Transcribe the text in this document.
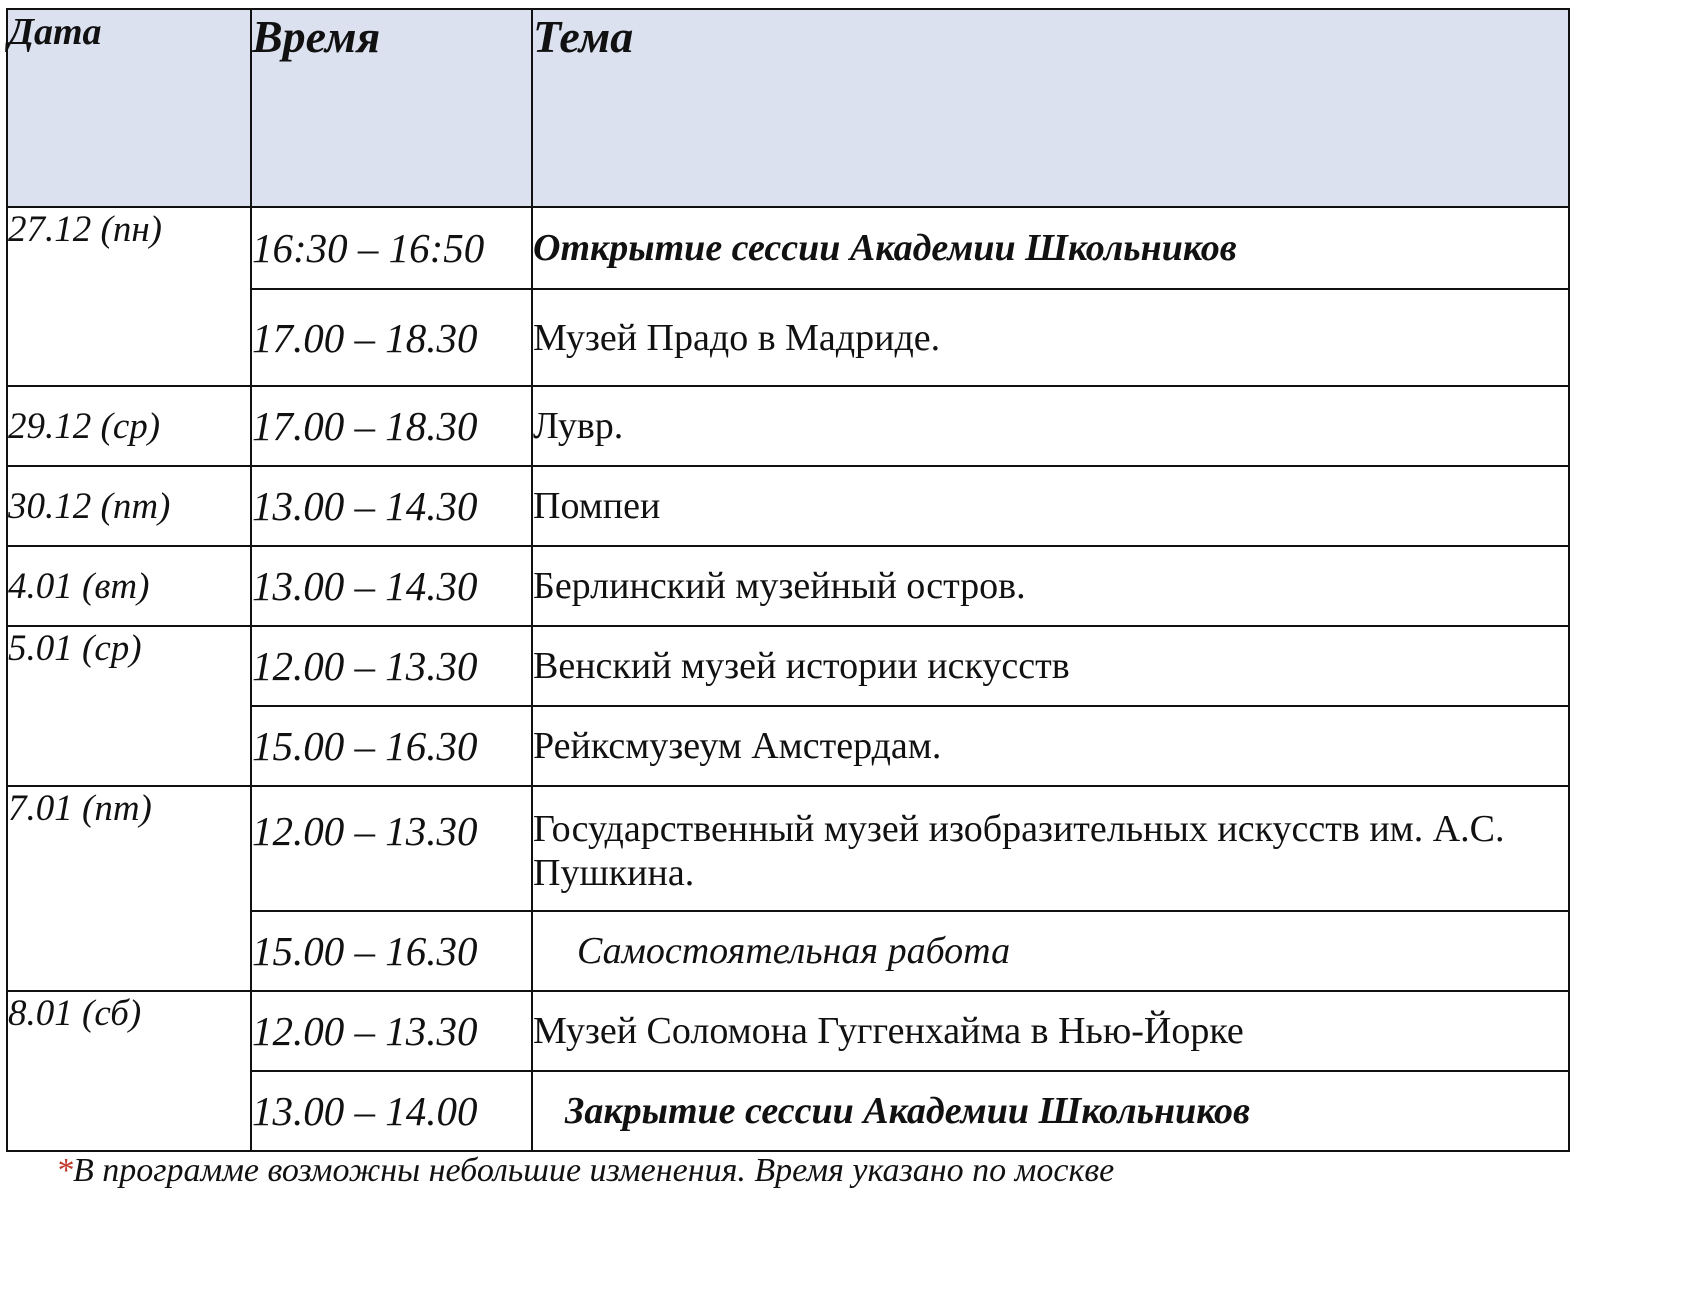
Дата	Время	Тема
27.12 (пн)	16:30 – 16:50	Открытие сессии Академии Школьников
	17.00 – 18.30	Музей Прадо в Мадриде.
29.12 (ср)	17.00 – 18.30	Лувр.
30.12 (пт)	13.00 – 14.30	Помпеи
4.01 (вт)	13.00 – 14.30	Берлинский музейный остров.
5.01 (ср)	12.00 – 13.30	Венский музей истории искусств
	15.00 – 16.30	Рейксмузеум Амстердам.
7.01 (пт)	12.00 – 13.30	Государственный музей изобразительных искусств им. А.С. Пушкина.
	15.00 – 16.30	Самостоятельная работа
8.01 (сб)	12.00 – 13.30	Музей Соломона Гуггенхайма в Нью-Йорке
	13.00 – 14.00	Закрытие сессии Академии Школьников
*В программе возможны небольшие изменения. Время указано по москве
